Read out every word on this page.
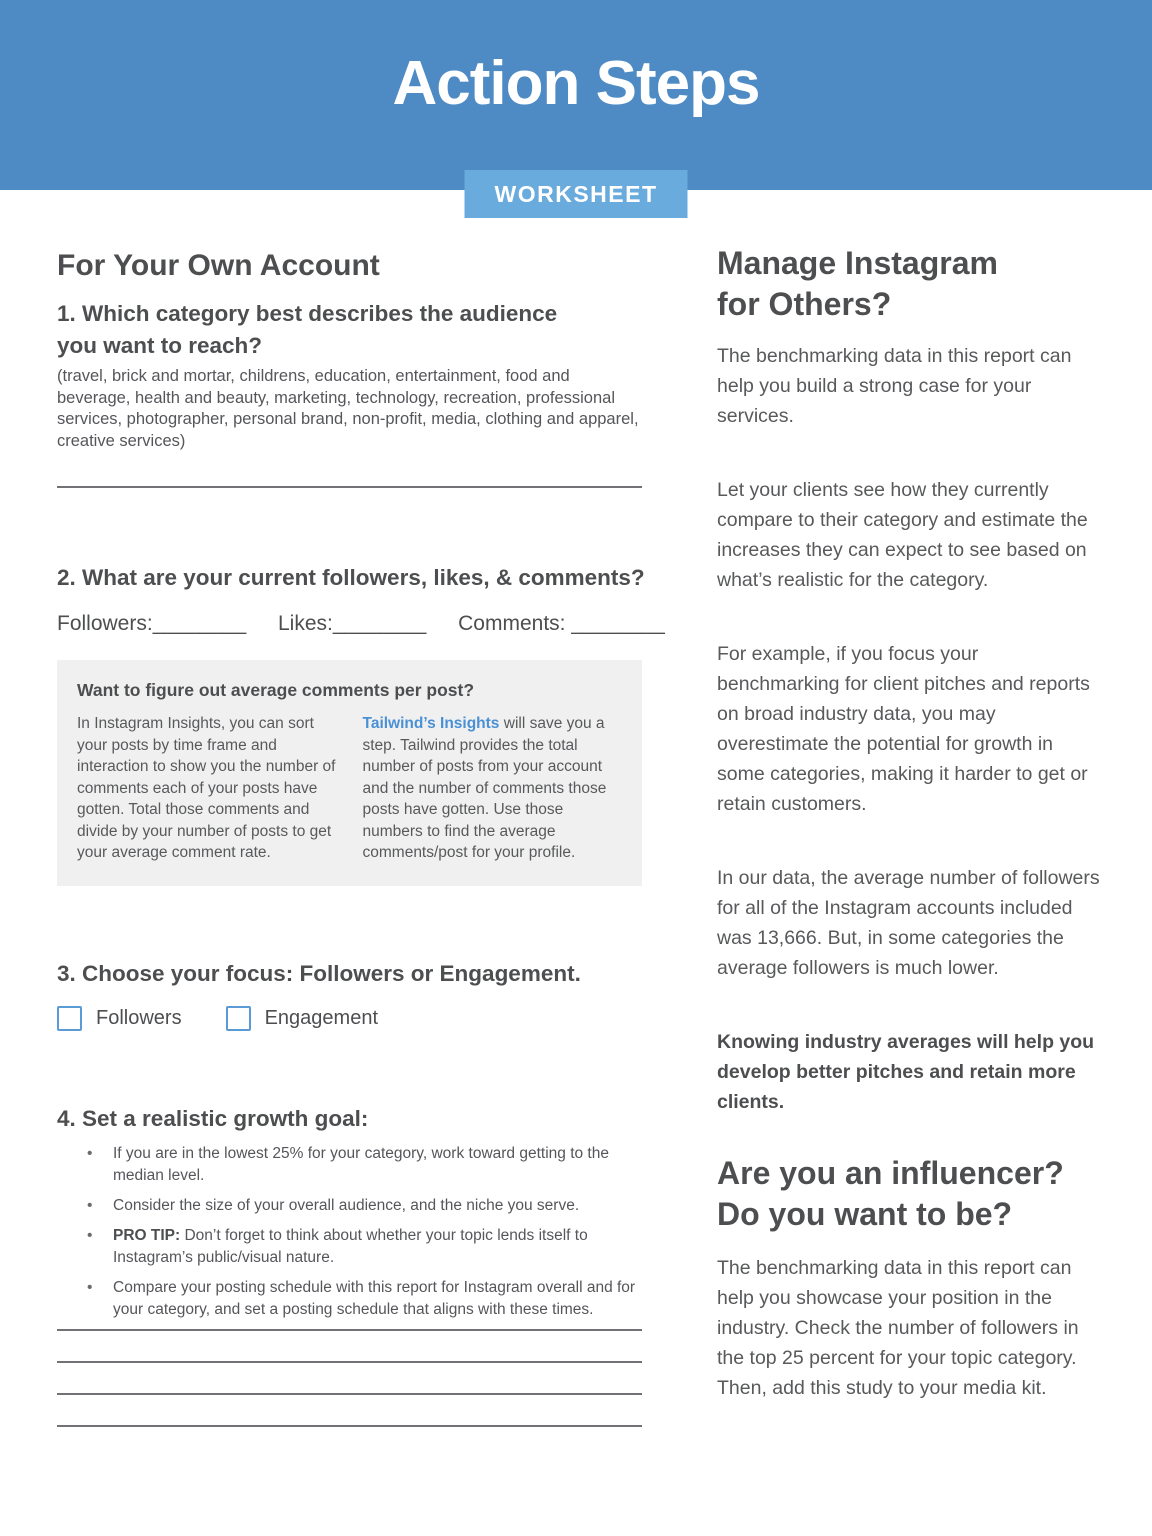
Action Steps
WORKSHEET
For Your Own Account
1. Which category best describes the audience you want to reach?

(travel, brick and mortar, childrens, education, entertainment, food and beverage, health and beauty, marketing, technology, recreation, professional services, photographer, personal brand, non-profit, media, clothing and apparel, creative services)

2. What are your current followers, likes, & comments?
Followers:________ Likes:________ Comments: ________
Want to figure out average comments per post?

In Instagram Insights, you can sort your posts by time frame and interaction to show you the number of comments each of your posts have gotten. Total those comments and divide by your number of posts to get your average comment rate.

Tailwind’s Insights will save you a step. Tailwind provides the total number of posts from your account and the number of comments those posts have gotten. Use those numbers to find the average comments/post for your profile.

3. Choose your focus: Followers or Engagement.
Followers	Engagement
4. Set a realistic growth goal:
• If you are in the lowest 25% for your category, work toward getting to the median level.
• Consider the size of your overall audience, and the niche you serve.
• PRO TIP: Don’t forget to think about whether your topic lends itself to Instagram’s public/visual nature.
• Compare your posting schedule with this report for Instagram overall and for your category, and set a posting schedule that aligns with these times.
Manage Instagram for Others?

The benchmarking data in this report can help you build a strong case for your services.

Let your clients see how they currently compare to their category and estimate the increases they can expect to see based on what’s realistic for the category.

For example, if you focus your benchmarking for client pitches and reports on broad industry data, you may overestimate the potential for growth in some categories, making it harder to get or retain customers.

In our data, the average number of followers for all of the Instagram accounts included was 13,666. But, in some categories the average followers is much lower.

Knowing industry averages will help you develop better pitches and retain more clients.

Are you an influencer? Do you want to be?

The benchmarking data in this report can help you showcase your position in the industry. Check the number of followers in the top 25 percent for your topic category. Then, add this study to your media kit.
